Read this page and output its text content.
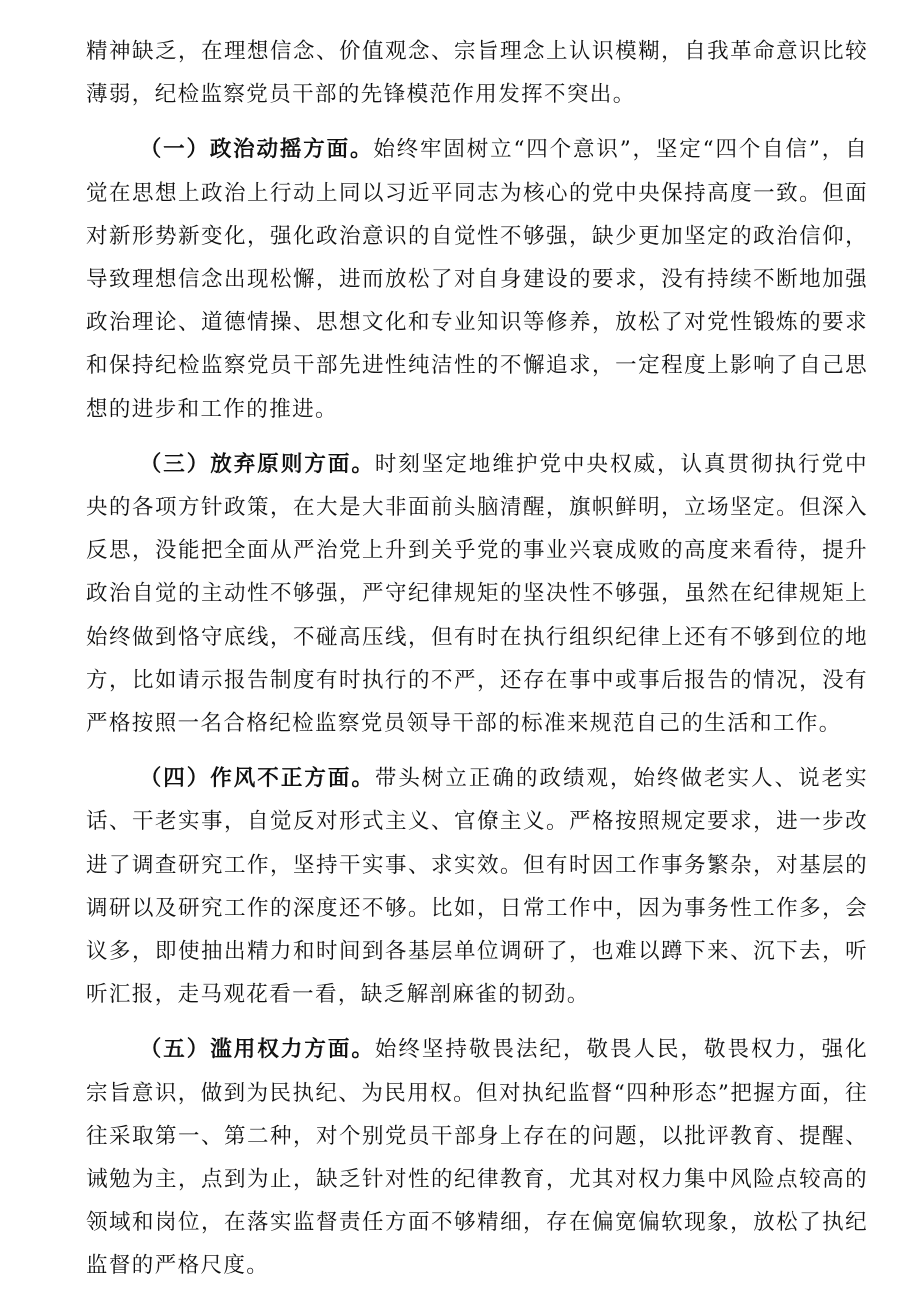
精神缺乏，在理想信念、价值观念、宗旨理念上认识模糊，自我革命意识比较薄弱，纪检监察党员干部的先锋模范作用发挥不突出。

（一）政治动摇方面。始终牢固树立“四个意识”，坚定“四个自信”，自觉在思想上政治上行动上同以习近平同志为核心的党中央保持高度一致。但面对新形势新变化，强化政治意识的自觉性不够强，缺少更加坚定的政治信仰，导致理想信念出现松懈，进而放松了对自身建设的要求，没有持续不断地加强政治理论、道德情操、思想文化和专业知识等修养，放松了对党性锻炼的要求和保持纪检监察党员干部先进性纯洁性的不懈追求，一定程度上影响了自己思想的进步和工作的推进。

（三）放弃原则方面。时刻坚定地维护党中央权威，认真贯彻执行党中央的各项方针政策，在大是大非面前头脑清醒，旗帜鲜明，立场坚定。但深入反思，没能把全面从严治党上升到关乎党的事业兴衰成败的高度来看待，提升政治自觉的主动性不够强，严守纪律规矩的坚决性不够强，虽然在纪律规矩上始终做到恪守底线，不碰高压线，但有时在执行组织纪律上还有不够到位的地方，比如请示报告制度有时执行的不严，还存在事中或事后报告的情况，没有严格按照一名合格纪检监察党员领导干部的标准来规范自己的生活和工作。

（四）作风不正方面。带头树立正确的政绩观，始终做老实人、说老实话、干老实事，自觉反对形式主义、官僚主义。严格按照规定要求，进一步改进了调查研究工作，坚持干实事、求实效。但有时因工作事务繁杂，对基层的调研以及研究工作的深度还不够。比如，日常工作中，因为事务性工作多，会议多，即使抽出精力和时间到各基层单位调研了，也难以蹲下来、沉下去，听听汇报，走马观花看一看，缺乏解剖麻雀的韧劲。

（五）滥用权力方面。始终坚持敬畏法纪，敬畏人民，敬畏权力，强化宗旨意识，做到为民执纪、为民用权。但对执纪监督“四种形态”把握方面，往往采取第一、第二种，对个别党员干部身上存在的问题，以批评教育、提醒、诫勉为主，点到为止，缺乏针对性的纪律教育，尤其对权力集中风险点较高的领域和岗位，在落实监督责任方面不够精细，存在偏宽偏软现象，放松了执纪监督的严格尺度。
